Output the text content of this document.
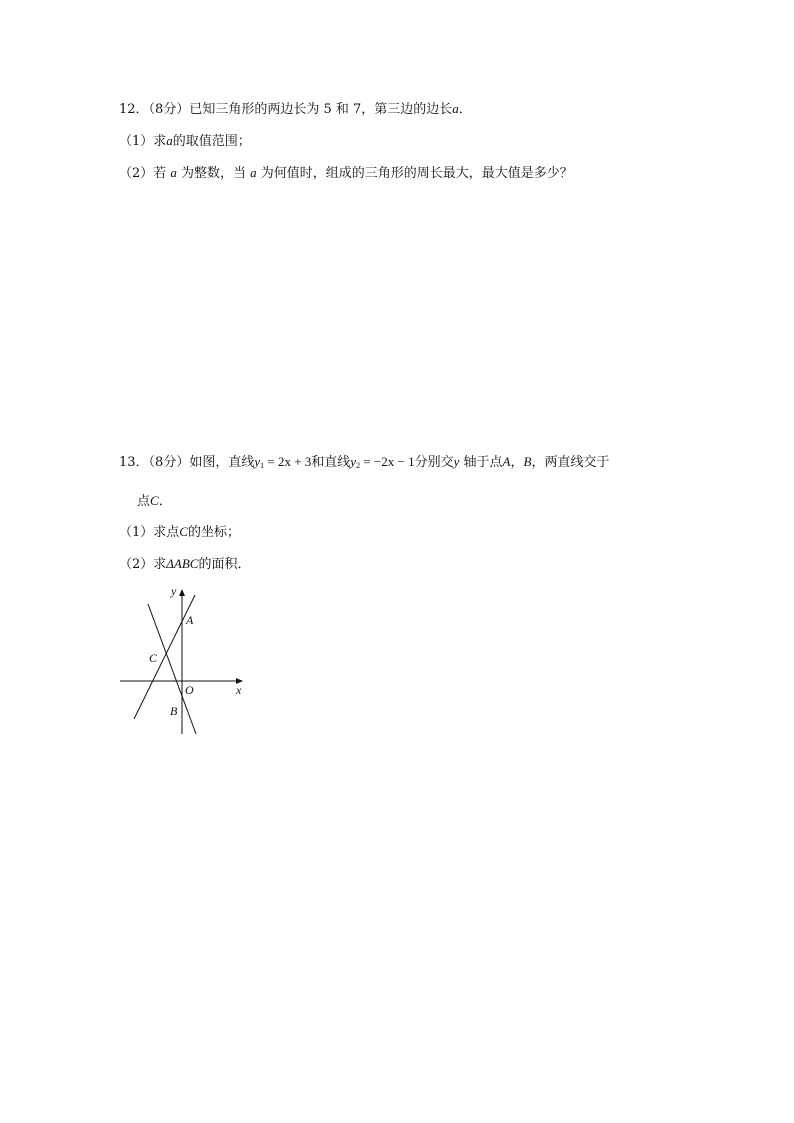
12．（8分）已知三角形的两边长为 5 和 7，第三边的边长a．
（1）求a的取值范围；
（2）若 a 为整数，当 a 为何值时，组成的三角形的周长最大，最大值是多少？
13．（8分）如图，直线$y_1 = 2x + 3$和直线$y_2 = -2x - 1$分别交y 轴于点A，B，两直线交于
点C．
（1）求点C的坐标；
（2）求ΔABC的面积．
y
x
A
C
O
B
